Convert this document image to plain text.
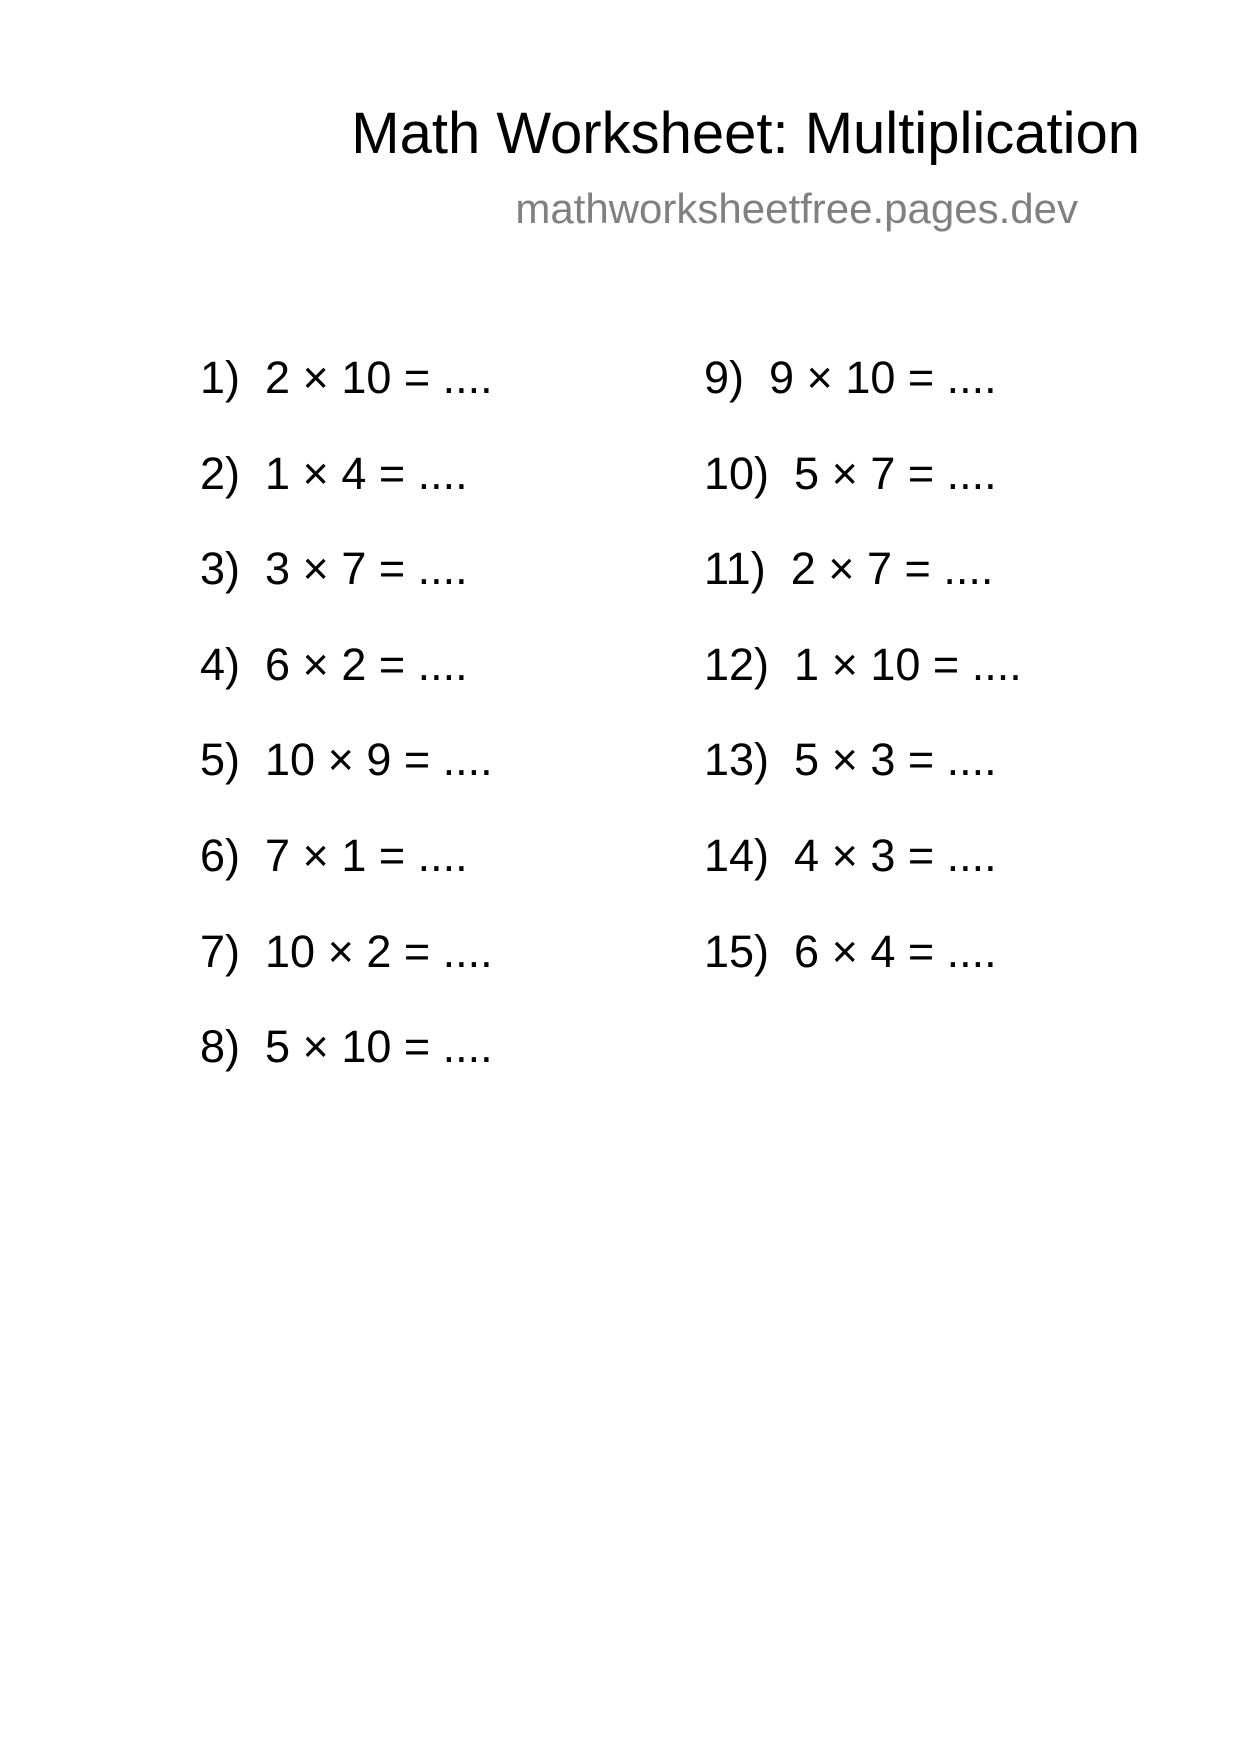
Math Worksheet: Multiplication
mathworksheetfree.pages.dev
1)  2 × 10 = ....
2)  1 × 4 = ....
3)  3 × 7 = ....
4)  6 × 2 = ....
5)  10 × 9 = ....
6)  7 × 1 = ....
7)  10 × 2 = ....
8)  5 × 10 = ....
9)  9 × 10 = ....
10)  5 × 7 = ....
11)  2 × 7 = ....
12)  1 × 10 = ....
13)  5 × 3 = ....
14)  4 × 3 = ....
15)  6 × 4 = ....
